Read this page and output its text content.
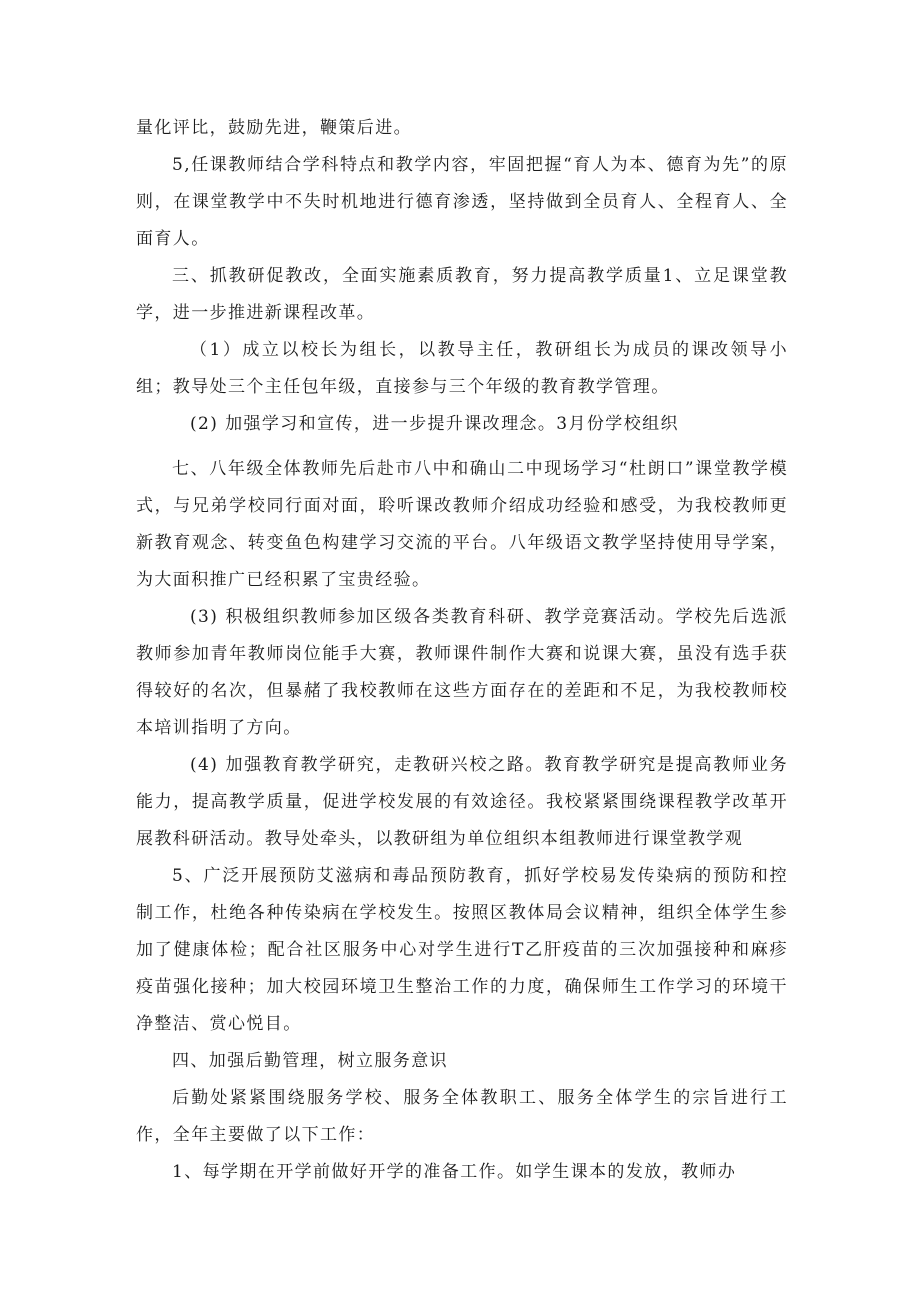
量化评比，鼓励先进，鞭策后进。

5,任课教师结合学科特点和教学内容，牢固把握“育人为本、德育为先”的原则，在课堂教学中不失时机地进行德育渗透，坚持做到全员育人、全程育人、全面育人。

三、抓教研促教改，全面实施素质教育，努力提高教学质量1、立足课堂教学，进一步推进新课程改革。

（1）成立以校长为组长，以教导主任，教研组长为成员的课改领导小组；教导处三个主任包年级，直接参与三个年级的教育教学管理。

(2) 加强学习和宣传，进一步提升课改理念。3月份学校组织

七、八年级全体教师先后赴市八中和确山二中现场学习“杜朗口”课堂教学模式，与兄弟学校同行面对面，聆听课改教师介绍成功经验和感受，为我校教师更新教育观念、转变鱼色构建学习交流的平台。八年级语文教学坚持使用导学案，为大面积推广已经积累了宝贵经验。

(3) 积极组织教师参加区级各类教育科研、教学竞赛活动。学校先后选派教师参加青年教师岗位能手大赛，教师课件制作大赛和说课大赛，虽没有选手获得较好的名次，但暴赭了我校教师在这些方面存在的差距和不足，为我校教师校本培训指明了方向。

(4) 加强教育教学研究，走教研兴校之路。教育教学研究是提高教师业务能力，提高教学质量，促进学校发展的有效途径。我校紧紧围绕课程教学改革开展教科研活动。教导处牵头，以教研组为单位组织本组教师进行课堂教学观

5、广泛开展预防艾滋病和毒品预防教育，抓好学校易发传染病的预防和控制工作，杜绝各种传染病在学校发生。按照区教体局会议精神，组织全体学生参加了健康体检；配合社区服务中心对学生进行T乙肝疫苗的三次加强接种和麻疹疫苗强化接种；加大校园环境卫生整治工作的力度，确保师生工作学习的环境干净整洁、赏心悦目。

四、加强后勤管理，树立服务意识

后勤处紧紧围绕服务学校、服务全体教职工、服务全体学生的宗旨进行工作，全年主要做了以下工作：

1、每学期在开学前做好开学的准备工作。如学生课本的发放，教师办
